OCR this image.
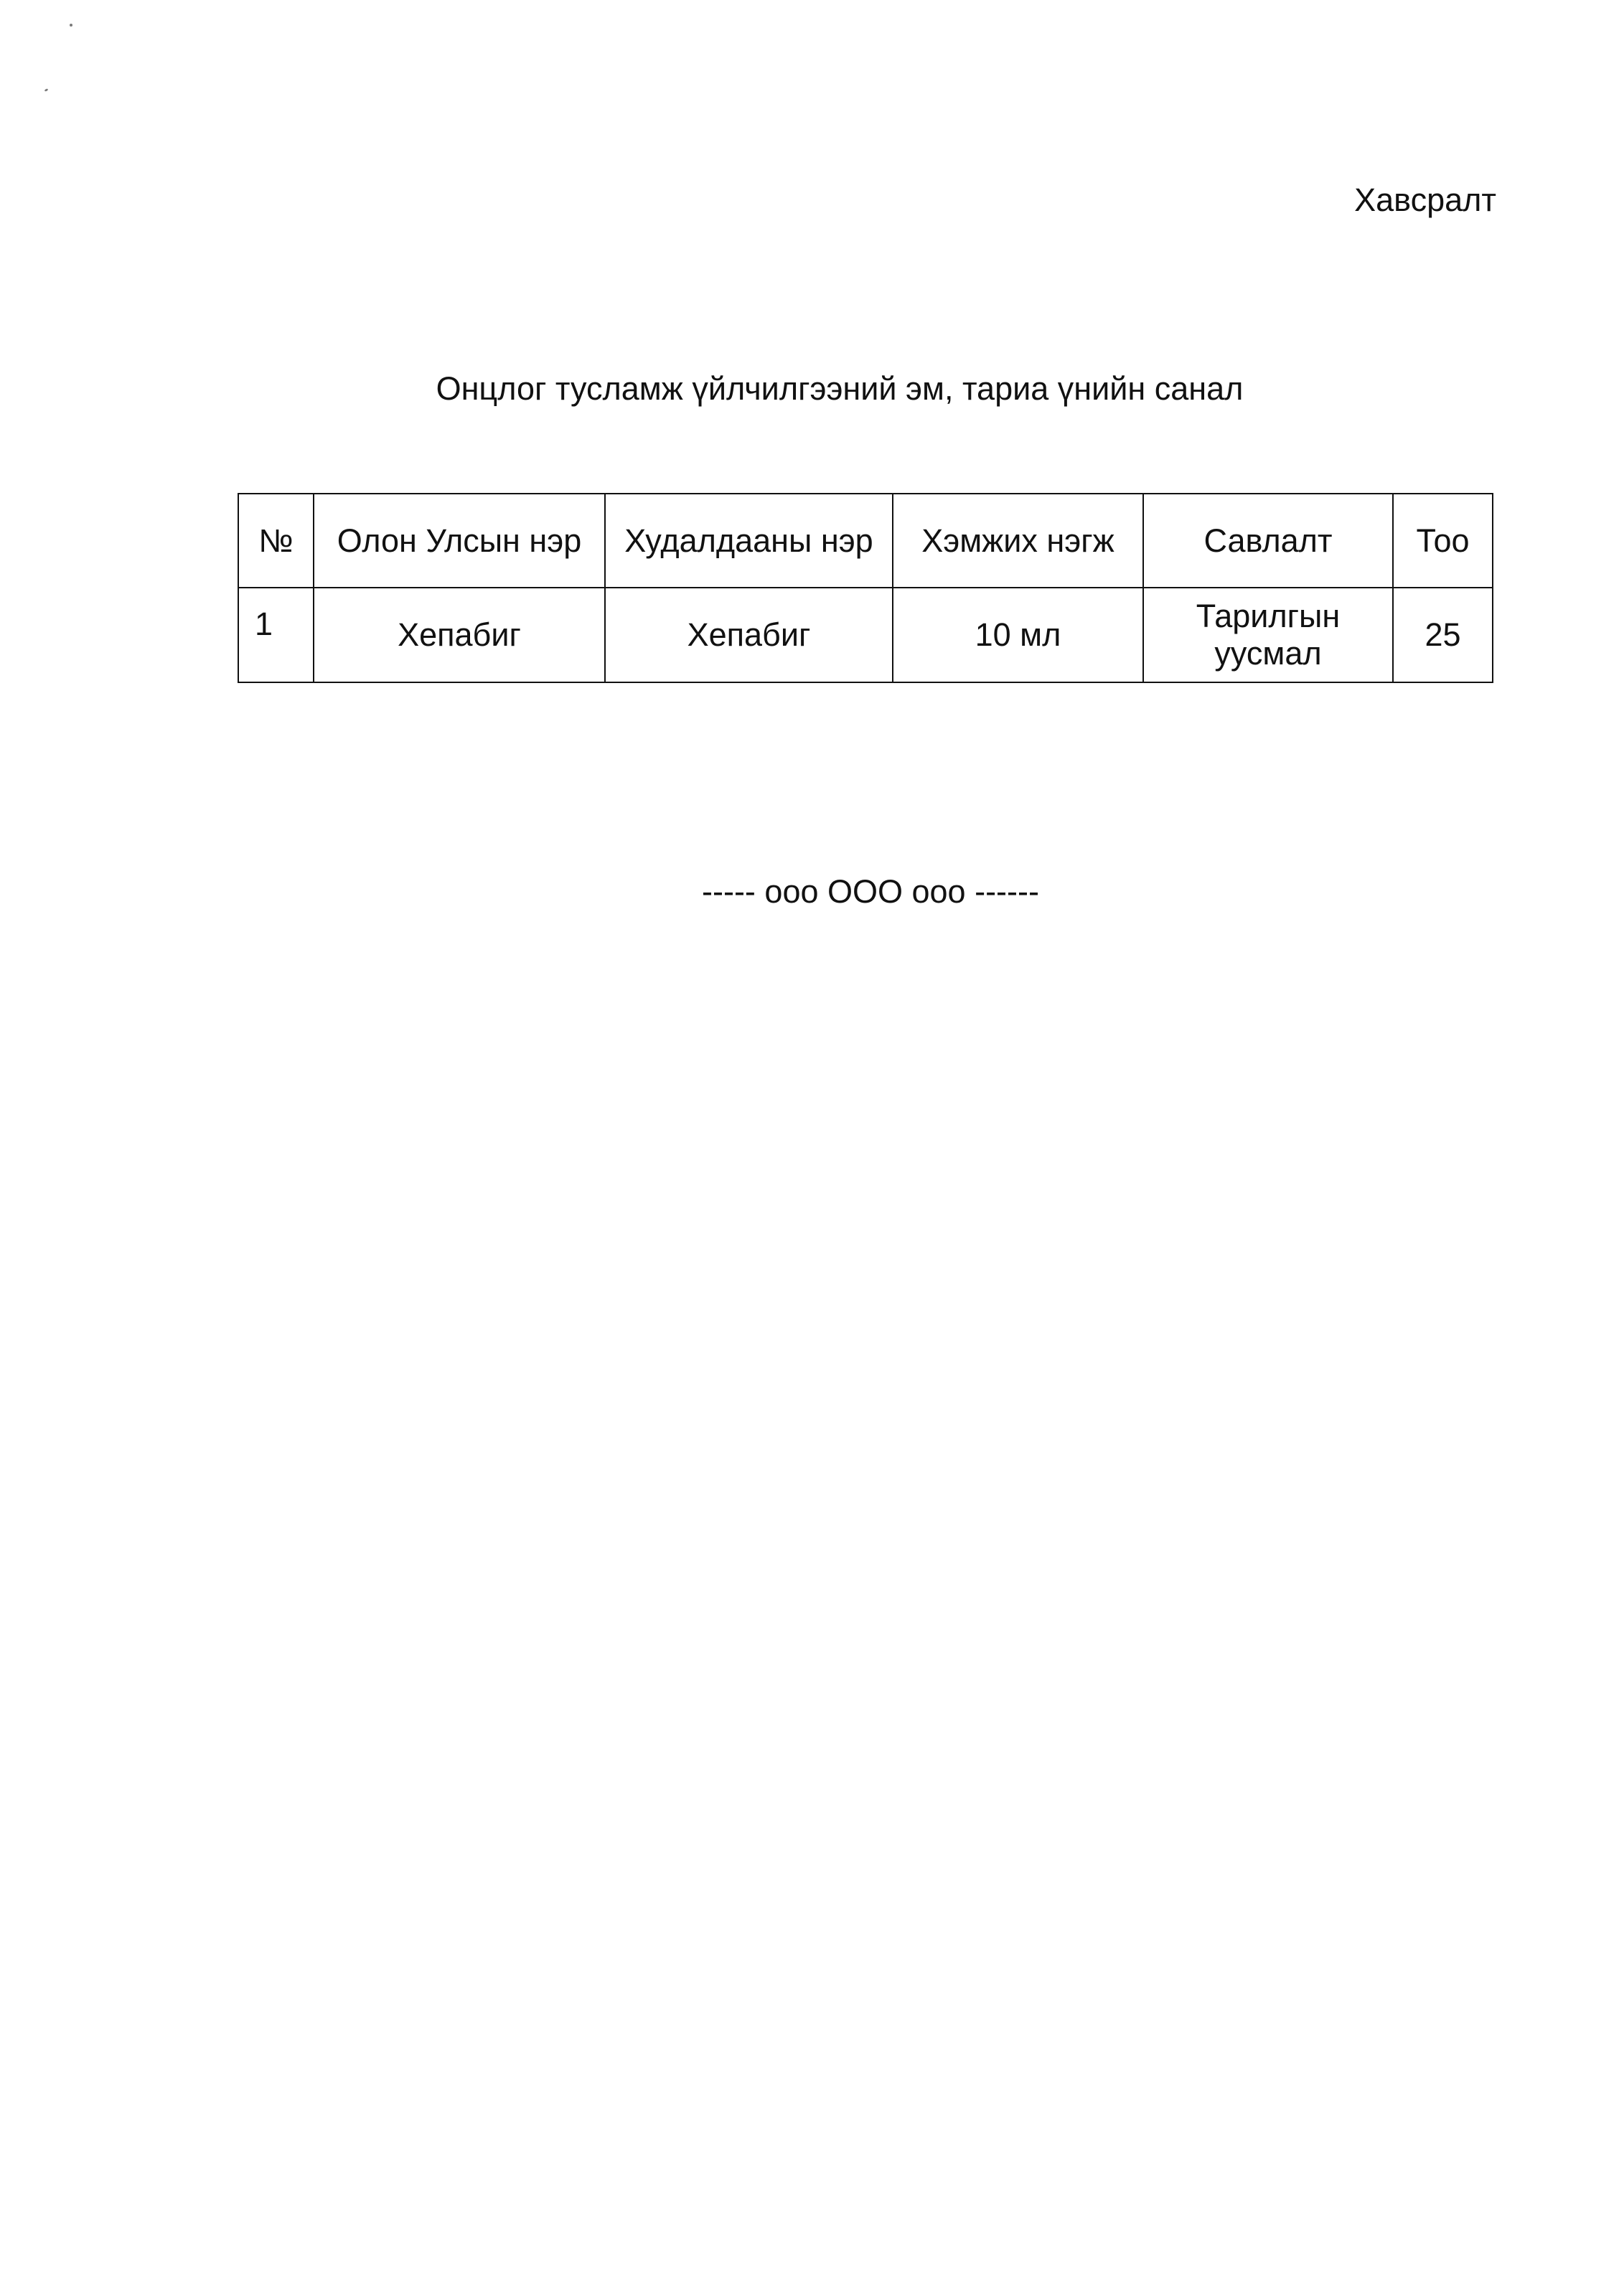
Хавсралт
Онцлог тусламж үйлчилгээний эм, тариа үнийн санал
№	Олон Улсын нэр	Худалдааны нэр	Хэмжих нэгж	Савлалт	Тоо
1	Хепабиг	Хепабиг	10 мл	Тарилгын уусмал	25
----- ооо ООО ооо ------
